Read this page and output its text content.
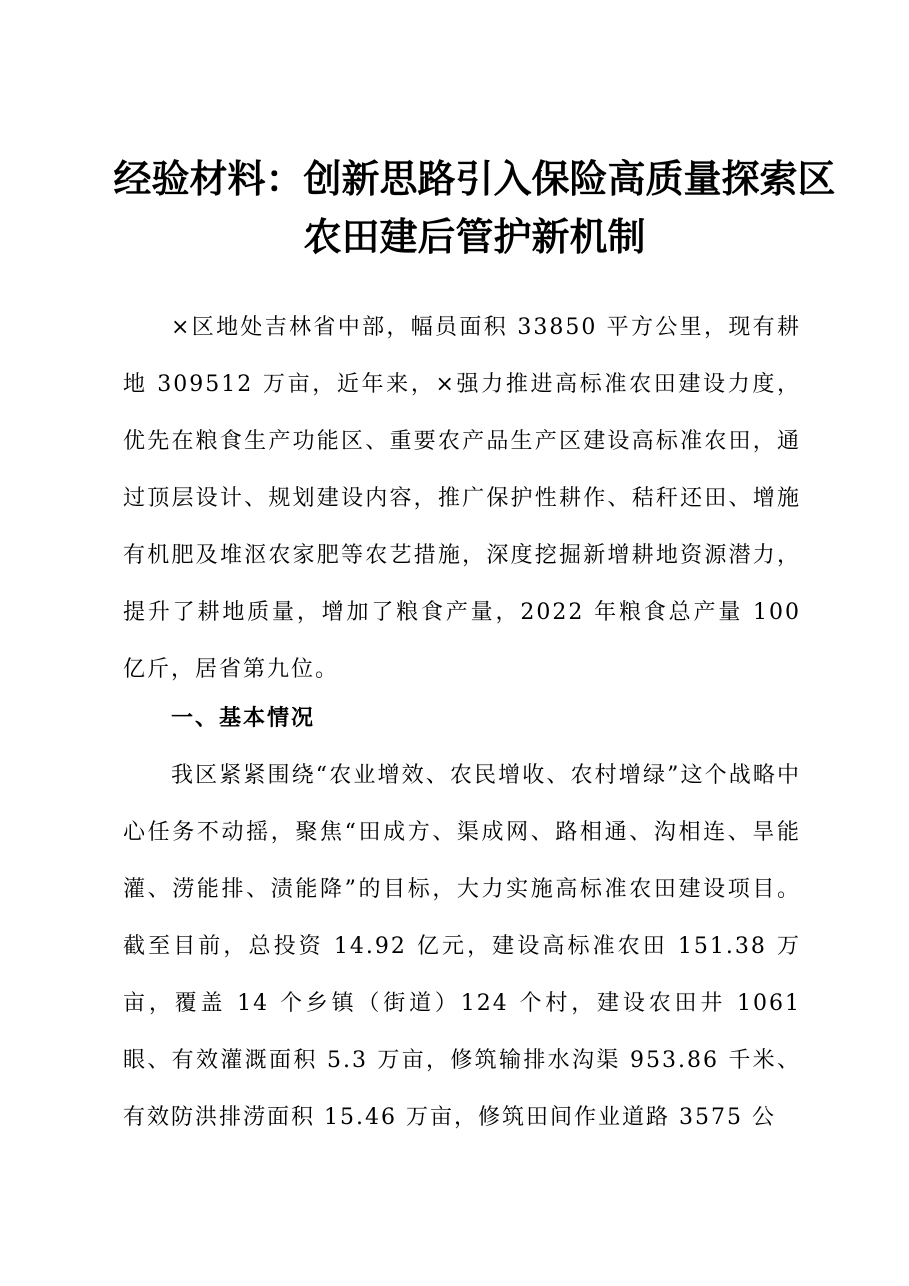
经验材料：创新思路引入保险高质量探索区农田建后管护新机制

×区地处吉林省中部，幅员面积 33850 平方公里，现有耕地 309512 万亩，近年来，×强力推进高标准农田建设力度，优先在粮食生产功能区、重要农产品生产区建设高标准农田，通过顶层设计、规划建设内容，推广保护性耕作、秸秆还田、增施有机肥及堆沤农家肥等农艺措施，深度挖掘新增耕地资源潜力，提升了耕地质量，增加了粮食产量，2022 年粮食总产量 100 亿斤，居省第九位。

一、基本情况

我区紧紧围绕“农业增效、农民增收、农村增绿”这个战略中心任务不动摇，聚焦“田成方、渠成网、路相通、沟相连、旱能灌、涝能排、渍能降”的目标，大力实施高标准农田建设项目。截至目前，总投资 14.92 亿元，建设高标准农田 151.38 万亩，覆盖 14 个乡镇（街道）124 个村，建设农田井 1061 眼、有效灌溉面积 5.3 万亩，修筑输排水沟渠 953.86 千米、有效防洪排涝面积 15.46 万亩，修筑田间作业道路 3575 公
